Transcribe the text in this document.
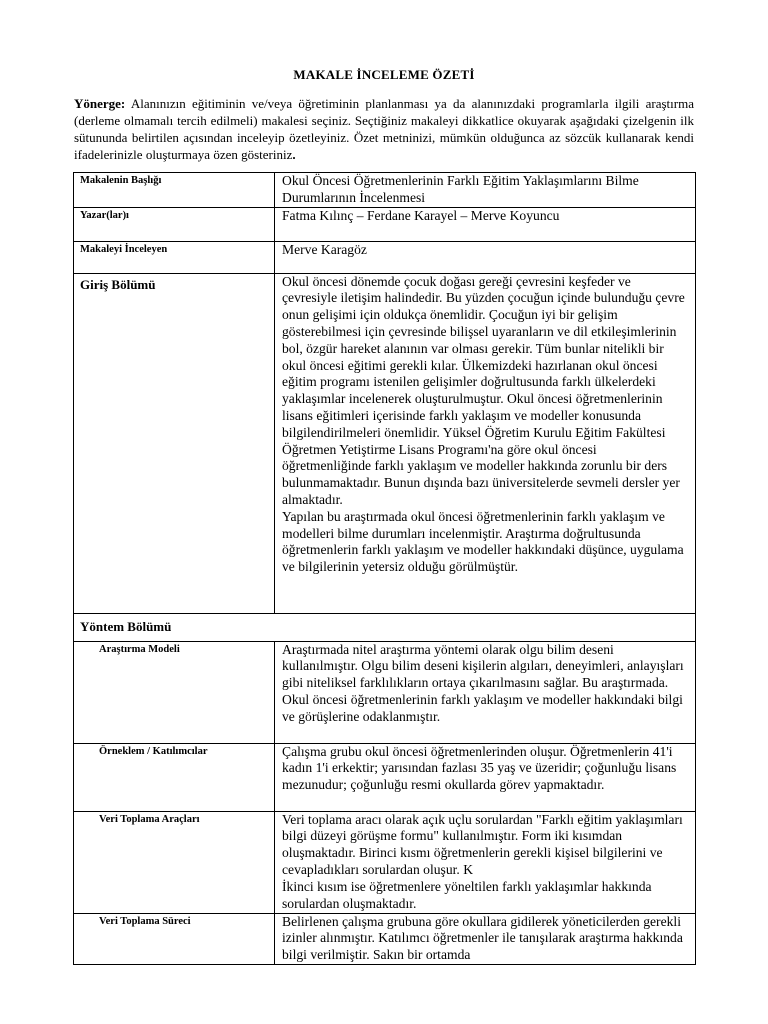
MAKALE İNCELEME ÖZETİ
Yönerge: Alanınızın eğitiminin ve/veya öğretiminin planlanması ya da alanınızdaki programlarla ilgili araştırma (derleme olmamalı tercih edilmeli) makalesi seçiniz. Seçtiğiniz makaleyi dikkatlice okuyarak aşağıdaki çizelgenin ilk sütununda belirtilen açısından inceleyip özetleyiniz. Özet metninizi, mümkün olduğunca az sözcük kullanarak kendi ifadelerinizle oluşturmaya özen gösteriniz.
Makalenin Başlığı	Okul Öncesi Öğretmenlerinin Farklı Eğitim Yaklaşımlarını Bilme Durumlarının İncelenmesi
Yazar(lar)ı	Fatma Kılınç – Ferdane Karayel – Merve Koyuncu
Makaleyi İnceleyen	Merve Karagöz
Giriş Bölümü	Okul öncesi dönemde çocuk doğası gereği çevresini keşfeder ve çevresiyle iletişim halindedir. Bu yüzden çocuğun içinde bulunduğu çevre onun gelişimi için oldukça önemlidir. Çocuğun iyi bir gelişim gösterebilmesi için çevresinde bilişsel uyaranların ve dil etkileşimlerinin bol, özgür hareket alanının var olması gerekir. Tüm bunlar nitelikli bir okul öncesi eğitimi gerekli kılar. Ülkemizdeki hazırlanan okul öncesi eğitim programı istenilen gelişimler doğrultusunda farklı ülkelerdeki yaklaşımlar incelenerek oluşturulmuştur. Okul öncesi öğretmenlerinin lisans eğitimleri içerisinde farklı yaklaşım ve modeller konusunda bilgilendirilmeleri önemlidir. Yüksel Öğretim Kurulu Eğitim Fakültesi Öğretmen Yetiştirme Lisans Programı'na göre okul öncesi öğretmenliğinde farklı yaklaşım ve modeller hakkında zorunlu bir ders bulunmamaktadır. Bunun dışında bazı üniversitelerde sevmeli dersler yer almaktadır.
Yapılan bu araştırmada okul öncesi öğretmenlerinin farklı yaklaşım ve modelleri bilme durumları incelenmiştir. Araştırma doğrultusunda öğretmenlerin farklı yaklaşım ve modeller hakkındaki düşünce, uygulama ve bilgilerinin yetersiz olduğu görülmüştür.

Yöntem Bölümü	
Araştırma Modeli	Araştırmada nitel araştırma yöntemi olarak olgu bilim deseni kullanılmıştır. Olgu bilim deseni kişilerin algıları, deneyimleri, anlayışları gibi niteliksel farklılıkların ortaya çıkarılmasını sağlar. Bu araştırmada. Okul öncesi öğretmenlerinin farklı yaklaşım ve modeller hakkındaki bilgi ve görüşlerine odaklanmıştır.
Örneklem / Katılımcılar	Çalışma grubu okul öncesi öğretmenlerinden oluşur. Öğretmenlerin 41'i kadın 1'i erkektir; yarısından fazlası 35 yaş ve üzeridir; çoğunluğu lisans mezunudur; çoğunluğu resmi okullarda görev yapmaktadır.
Veri Toplama Araçları	Veri toplama aracı olarak açık uçlu sorulardan "Farklı eğitim yaklaşımları bilgi düzeyi görüşme formu" kullanılmıştır. Form iki kısımdan oluşmaktadır. Birinci kısmı öğretmenlerin gerekli kişisel bilgilerini ve cevapladıkları sorulardan oluşur. K
İkinci kısım ise öğretmenlere yöneltilen farklı yaklaşımlar hakkında sorulardan oluşmaktadır.

Veri Toplama Süreci	Belirlenen çalışma grubuna göre okullara gidilerek yöneticilerden gerekli izinler alınmıştır. Katılımcı öğretmenler ile tanışılarak araştırma hakkında bilgi verilmiştir. Sakın bir ortamda
